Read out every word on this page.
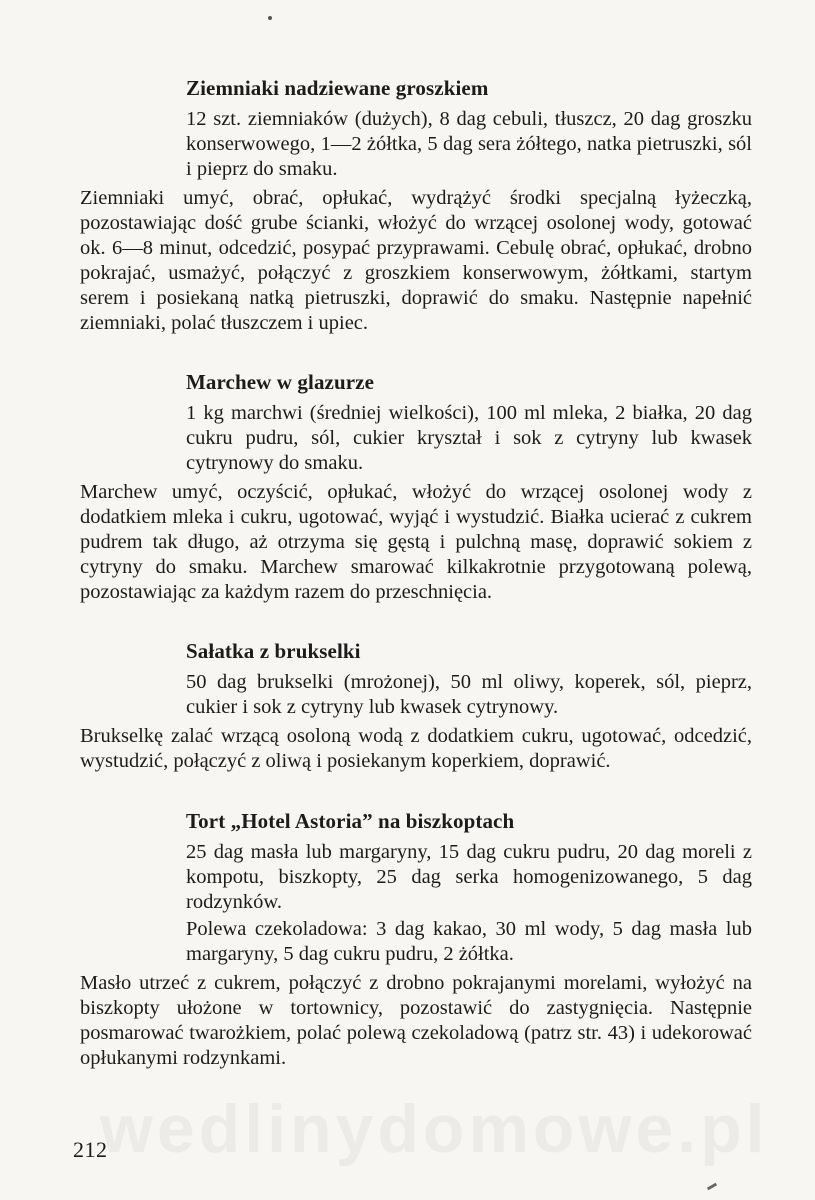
Ziemniaki nadziewane groszkiem

12 szt. ziemniaków (dużych), 8 dag cebuli, tłuszcz, 20 dag groszku konserwowego, 1—2 żółtka, 5 dag sera żółtego, natka pietruszki, sól i pieprz do smaku.

Ziemniaki umyć, obrać, opłukać, wydrążyć środki specjalną łyżeczką, pozostawiając dość grube ścianki, włożyć do wrzącej osolonej wody, gotować ok. 6—8 minut, odcedzić, posypać przyprawami. Cebulę obrać, opłukać, drobno pokrajać, usmażyć, połączyć z groszkiem konserwowym, żółtkami, startym serem i posiekaną natką pietruszki, doprawić do smaku. Następnie napełnić ziemniaki, polać tłuszczem i upiec.

Marchew w glazurze

1 kg marchwi (średniej wielkości), 100 ml mleka, 2 białka, 20 dag cukru pudru, sól, cukier kryształ i sok z cytryny lub kwasek cytrynowy do smaku.

Marchew umyć, oczyścić, opłukać, włożyć do wrzącej osolonej wody z dodatkiem mleka i cukru, ugotować, wyjąć i wystudzić. Białka ucierać z cukrem pudrem tak długo, aż otrzyma się gęstą i pulchną masę, doprawić sokiem z cytryny do smaku. Marchew smarować kilkakrotnie przygotowaną polewą, pozostawiając za każdym razem do przeschnięcia.

Sałatka z brukselki

50 dag brukselki (mrożonej), 50 ml oliwy, koperek, sól, pieprz, cukier i sok z cytryny lub kwasek cytrynowy.

Brukselkę zalać wrzącą osoloną wodą z dodatkiem cukru, ugotować, odcedzić, wystudzić, połączyć z oliwą i posiekanym koperkiem, doprawić.

Tort „Hotel Astoria” na biszkoptach

25 dag masła lub margaryny, 15 dag cukru pudru, 20 dag moreli z kompotu, biszkopty, 25 dag serka homogenizowanego, 5 dag rodzynków.

Polewa czekoladowa: 3 dag kakao, 30 ml wody, 5 dag masła lub margaryny, 5 dag cukru pudru, 2 żółtka.

Masło utrzeć z cukrem, połączyć z drobno pokrajanymi morelami, wyłożyć na biszkopty ułożone w tortownicy, pozostawić do zastygnięcia. Następnie posmarować twarożkiem, polać polewą czekoladową (patrz str. 43) i udekorować opłukanymi rodzynkami.

wedlinydomowe.pl
212
